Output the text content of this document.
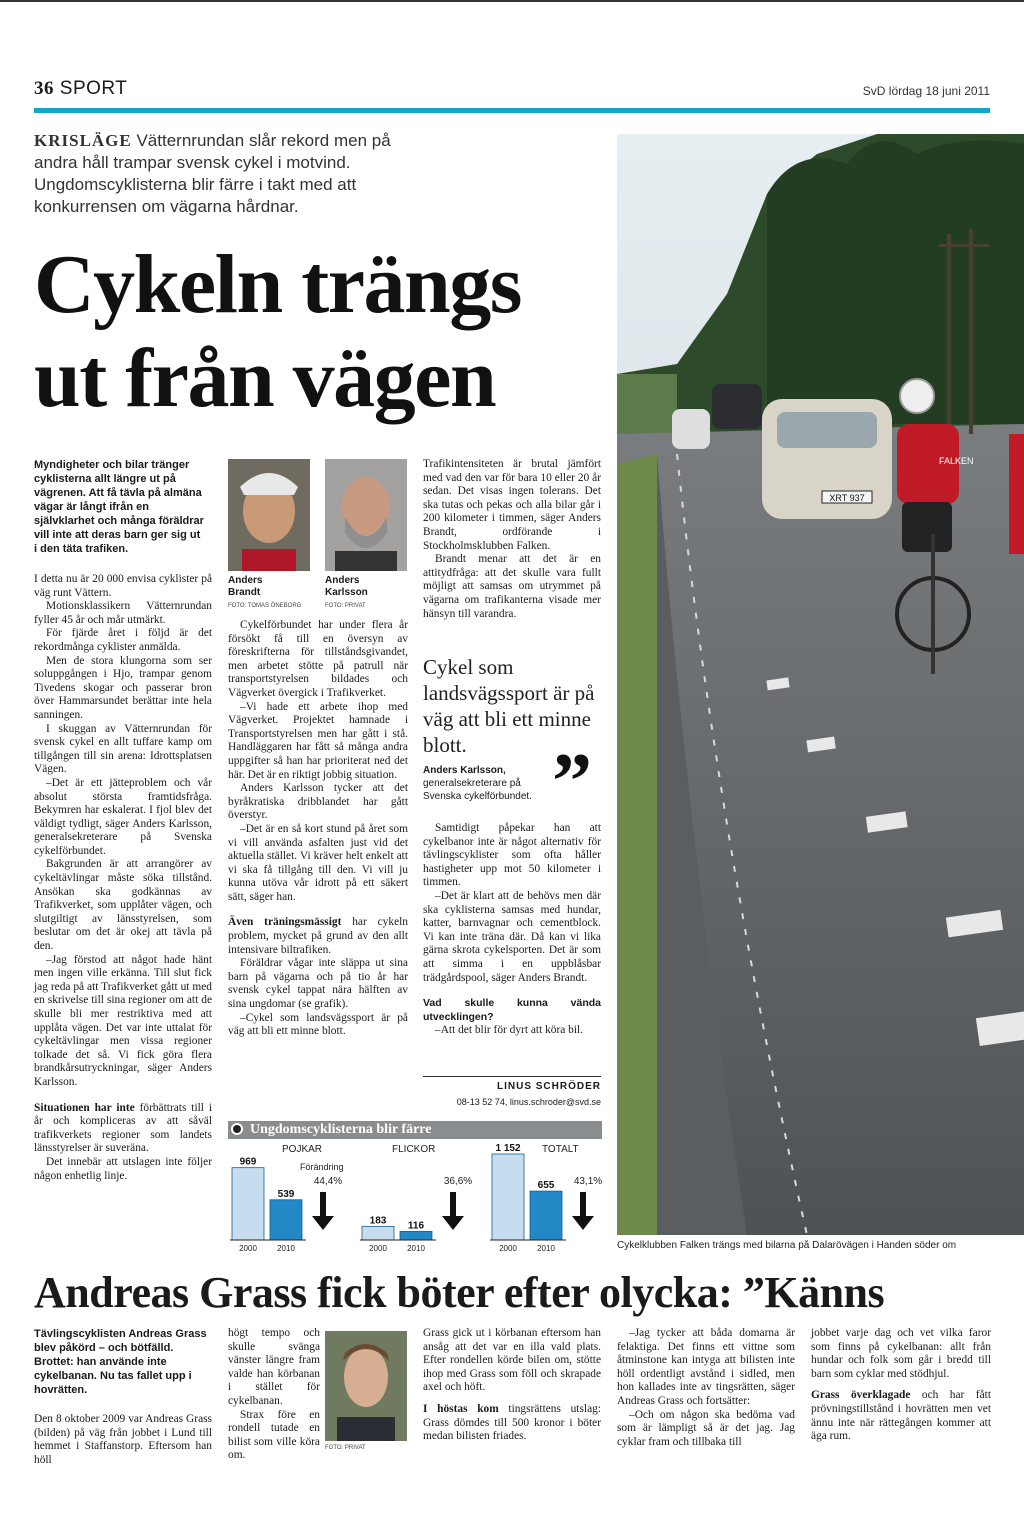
36 SPORT	SvD lördag 18 juni 2011
KRISLÄGE Vätternrundan slår rekord men på andra håll trampar svensk cykel i motvind. Ungdomscyklisterna blir färre i takt med att konkurrensen om vägarna hårdnar.
Cykeln trängs
ut från vägen
XRT 937
FALKEN
Cykelklubben Falken trängs med bilarna på Dalarövägen i Handen söder om
Myndigheter och bilar tränger cyklisterna allt längre ut på vägrenen. Att få tävla på almäna vägar är långt ifrån en självklarhet och många föräldrar vill inte att deras barn ger sig ut i den täta trafiken.
Anders Brandt
FOTO: TOMAS ÖNEBORG
Anders Karlsson
FOTO: PRIVAT

I detta nu är 20 000 envisa cyklister på väg runt Vättern.

Motionsklassikern Vätternrundan fyller 45 år och mår utmärkt.

För fjärde året i följd är det rekordmånga cyklister anmälda.

Men de stora klungorna som ser soluppgången i Hjo, trampar genom Tivedens skogar och passerar bron över Hammarsundet berättar inte hela sanningen.

I skuggan av Vätternrundan för svensk cykel en allt tuffare kamp om tillgången till sin arena: Idrottsplatsen Vägen.

–Det är ett jätteproblem och vår absolut största framtidsfråga. Bekymren har eskalerat. I fjol blev det väldigt tydligt, säger Anders Karlsson, generalsekreterare på Svenska cykelförbundet.

Bakgrunden är att arrangörer av cykeltävlingar måste söka tillstånd. Ansökan ska godkännas av Trafikverket, som upplåter vägen, och slutgiltigt av länsstyrelsen, som beslutar om det är okej att tävla på den.

–Jag förstod att något hade hänt men ingen ville erkänna. Till slut fick jag reda på att Trafikverket gått ut med en skrivelse till sina regioner om att de skulle bli mer restriktiva med att upplåta vägen. Det var inte uttalat för cykeltävlingar men vissa regioner tolkade det så. Vi fick göra flera brandkårsutryckningar, säger Anders Karlsson.

Situationen har inte förbättrats till i år och kompliceras av att såväl trafikverkets regioner som landets länsstyrelser är suveräna.

Det innebär att utslagen inte följer någon enhetlig linje.

Cykelförbundet har under flera år försökt få till en översyn av föreskrifterna för tillståndsgivandet, men arbetet stötte på patrull när transportstyrelsen bildades och Vägverket övergick i Trafikverket.

–Vi hade ett arbete ihop med Vägverket. Projektet hamnade i Transportstyrelsen men har gått i stå. Handläggaren har fått så många andra uppgifter så han har prioriterat ned det här. Det är en riktigt jobbig situation.

Anders Karlsson tycker att det byråkratiska dribblandet har gått överstyr.

–Det är en så kort stund på året som vi vill använda asfalten just vid det aktuella stället. Vi kräver helt enkelt att vi ska få tillgång till den. Vi vill ju kunna utöva vår idrott på ett säkert sätt, säger han.

Även träningsmässigt har cykeln problem, mycket på grund av den allt intensivare biltrafiken.

Föräldrar vågar inte släppa ut sina barn på vägarna och på tio år har svensk cykel tappat nära hälften av sina ungdomar (se grafik).

–Cykel som landsvägssport är på väg att bli ett minne blott.

Trafikintensiteten är brutal jämfört med vad den var för bara 10 eller 20 år sedan. Det visas ingen tolerans. Det ska tutas och pekas och alla bilar går i 200 kilometer i timmen, säger Anders Brandt, ordförande i Stockholmsklubben Falken.

Brandt menar att det är en attitydfråga: att det skulle vara fullt möjligt att samsas om utrymmet på vägarna om trafikanterna visade mer hänsyn till varandra.

Cykel som landsvägssport är på väg att bli ett minne blott.
Anders Karlsson, generalsekreterare på Svenska cykelförbundet. ”

Samtidigt påpekar han att cykelbanor inte är något alternativ för tävlingscyklister som ofta håller hastigheter upp mot 50 kilometer i timmen.

–Det är klart att de behövs men där ska cyklisterna samsas med hundar, katter, barnvagnar och cementblock. Vi kan inte träna där. Då kan vi lika gärna skrota cykelsporten. Det är som att simma i en uppblåsbar trädgårdspool, säger Anders Brandt.

Vad skulle kunna vända utvecklingen?

–Att det blir för dyrt att köra bil.

LINUS SCHRÖDER
08-13 52 74, linus.schroder@svd.se
Ungdomscyklisterna blir färre
POJKAR
969
2000
539
2010
44,4%
FLICKOR
183
2000
116
2010
36,6%
TOTALT
1 152
2000
655
2010
43,1%
Förändring
Andreas Grass fick böter efter olycka: ”Känns
Tävlingscyklisten Andreas Grass blev påkörd – och bötfälld. Brottet: han använde inte cykelbanan. Nu tas fallet upp i hovrätten.
Den 8 oktober 2009 var Andreas Grass (bilden) på väg från jobbet i Lund till hemmet i Staffanstorp. Eftersom han höll

högt tempo och skulle svänga vänster längre fram valde han körbanan i stället för cykelbanan.

Strax före en rondell tutade en bilist som ville köra om.

FOTO: PRIVAT

Grass gick ut i körbanan eftersom han ansåg att det var en illa vald plats. Efter rondellen körde bilen om, stötte ihop med Grass som föll och skrapade axel och höft.

I höstas kom tingsrättens utslag: Grass dömdes till 500 kronor i böter medan bilisten friades.

–Jag tycker att båda domarna är felaktiga. Det finns ett vittne som åtminstone kan intyga att bilisten inte höll ordentligt avstånd i sidled, men hon kallades inte av tingsrätten, säger Andreas Grass och fortsätter:

–Och om någon ska bedöma vad som är lämpligt så är det jag. Jag cyklar fram och tillbaka till

jobbet varje dag och vet vilka faror som finns på cykelbanan: allt från hundar och folk som går i bredd till barn som cyklar med stödhjul.

Grass överklagade och har fått prövningstillstånd i hovrätten men vet ännu inte när rättegången kommer att äga rum.
